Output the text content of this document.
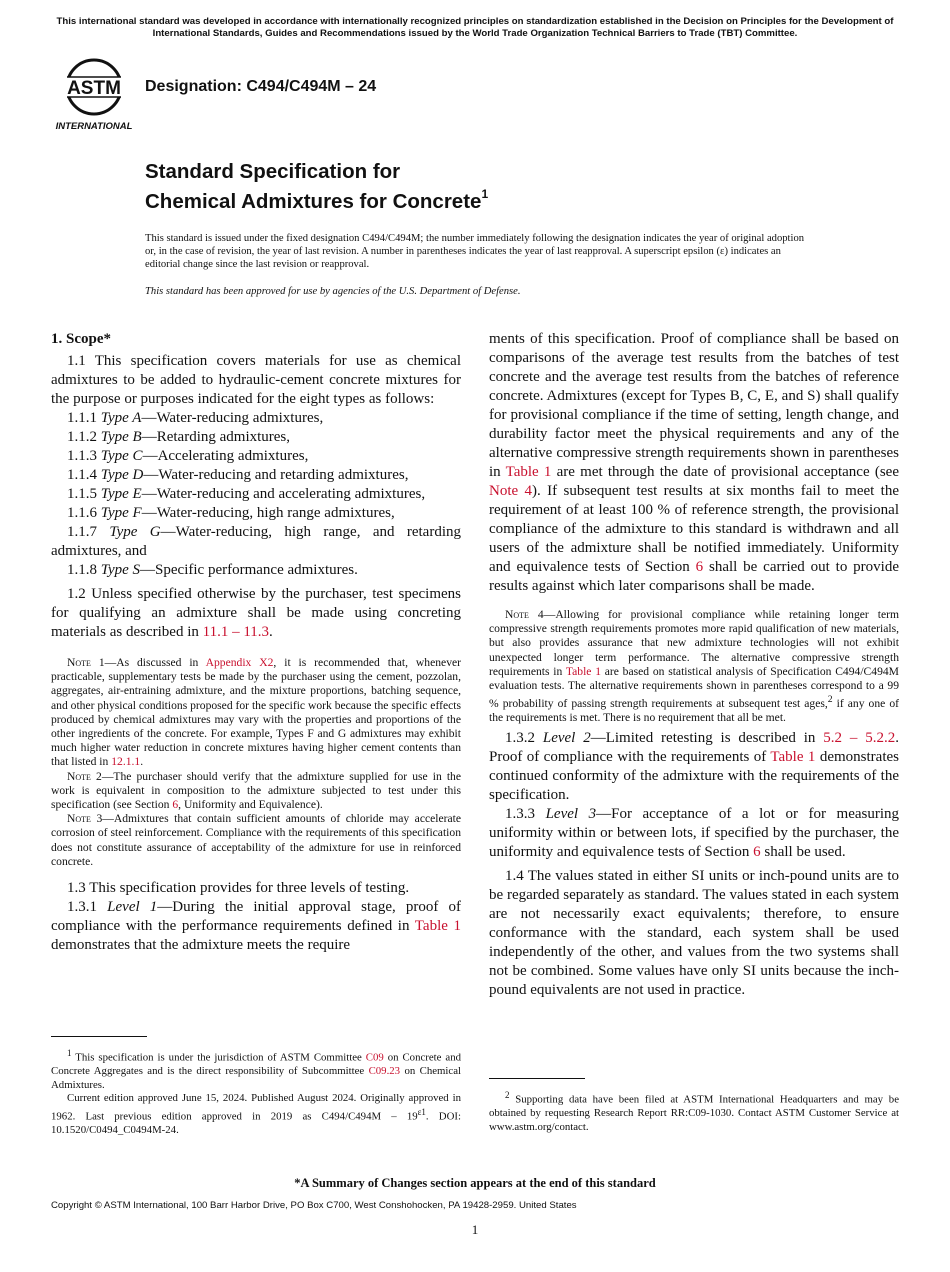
This international standard was developed in accordance with internationally recognized principles on standardization established in the Decision on Principles for the Development of International Standards, Guides and Recommendations issued by the World Trade Organization Technical Barriers to Trade (TBT) Committee.
ASTM
INTERNATIONAL
Designation: C494/C494M – 24
Standard Specification for
Chemical Admixtures for Concrete$^1$
This standard is issued under the fixed designation C494/C494M; the number immediately following the designation indicates the year of original adoption or, in the case of revision, the year of last revision. A number in parentheses indicates the year of last reapproval. A superscript epsilon (ε) indicates an editorial change since the last revision or reapproval.
This standard has been approved for use by agencies of the U.S. Department of Defense.
1. Scope*

1.1 This specification covers materials for use as chemical admixtures to be added to hydraulic-cement concrete mixtures for the purpose or purposes indicated for the eight types as follows:

1.1.1 Type A—Water-reducing admixtures,

1.1.2 Type B—Retarding admixtures,

1.1.3 Type C—Accelerating admixtures,

1.1.4 Type D—Water-reducing and retarding admixtures,

1.1.5 Type E—Water-reducing and accelerating admixtures,

1.1.6 Type F—Water-reducing, high range admixtures,

1.1.7 Type G—Water-reducing, high range, and retarding admixtures, and

1.1.8 Type S—Specific performance admixtures.

1.2 Unless specified otherwise by the purchaser, test specimens for qualifying an admixture shall be made using concreting materials as described in 11.1 – 11.3.

Note 1—As discussed in Appendix X2, it is recommended that, whenever practicable, supplementary tests be made by the purchaser using the cement, pozzolan, aggregates, air-entraining admixture, and the mixture proportions, batching sequence, and other physical conditions proposed for the specific work because the specific effects produced by chemical admixtures may vary with the properties and proportions of the other ingredients of the concrete. For example, Types F and G admixtures may exhibit much higher water reduction in concrete mixtures having higher cement contents than that listed in 12.1.1.

Note 2—The purchaser should verify that the admixture supplied for use in the work is equivalent in composition to the admixture subjected to test under this specification (see Section 6, Uniformity and Equivalence).

Note 3—Admixtures that contain sufficient amounts of chloride may accelerate corrosion of steel reinforcement. Compliance with the requirements of this specification does not constitute assurance of acceptability of the admixture for use in reinforced concrete.

1.3 This specification provides for three levels of testing.

1.3.1 Level 1—During the initial approval stage, proof of compliance with the performance requirements defined in Table 1 demonstrates that the admixture meets the require

$^1$ This specification is under the jurisdiction of ASTM Committee C09 on Concrete and Concrete Aggregates and is the direct responsibility of Subcommittee C09.23 on Chemical Admixtures.

Current edition approved June 15, 2024. Published August 2024. Originally approved in 1962. Last previous edition approved in 2019 as $C494/C494M - 19^{\varepsilon 1}$. DOI: 10.1520/C0494_C0494M-24.

ments of this specification. Proof of compliance shall be based on comparisons of the average test results from the batches of test concrete and the average test results from the batches of reference concrete. Admixtures (except for Types B, C, E, and S) shall qualify for provisional compliance if the time of setting, length change, and durability factor meet the physical requirements and any of the alternative compressive strength requirements shown in parentheses in Table 1 are met through the date of provisional acceptance (see Note 4). If subsequent test results at six months fail to meet the requirement of at least 100 % of reference strength, the provisional compliance of the admixture to this standard is withdrawn and all users of the admixture shall be notified immediately. Uniformity and equivalence tests of Section 6 shall be carried out to provide results against which later comparisons shall be made.

Note 4—Allowing for provisional compliance while retaining longer term compressive strength requirements promotes more rapid qualification of new materials, but also provides assurance that new admixture technologies will not exhibit unexpected longer term performance. The alternative compressive strength requirements in Table 1 are based on statistical analysis of Specification C494/C494M evaluation tests. The alternative requirements shown in parentheses correspond to a 99 % probability of passing strength requirements at subsequent test ages,$^2$ if any one of the requirements is met. There is no requirement that all be met.

1.3.2 Level 2—Limited retesting is described in 5.2 – 5.2.2. Proof of compliance with the requirements of Table 1 demonstrates continued conformity of the admixture with the requirements of the specification.

1.3.3 Level 3—For acceptance of a lot or for measuring uniformity within or between lots, if specified by the purchaser, the uniformity and equivalence tests of Section 6 shall be used.

1.4 The values stated in either SI units or inch-pound units are to be regarded separately as standard. The values stated in each system are not necessarily exact equivalents; therefore, to ensure conformance with the standard, each system shall be used independently of the other, and values from the two systems shall not be combined. Some values have only SI units because the inch-pound equivalents are not used in practice.

$^2$ Supporting data have been filed at ASTM International Headquarters and may be obtained by requesting Research Report RR:C09-1030. Contact ASTM Customer Service at www.astm.org/contact.

*A Summary of Changes section appears at the end of this standard
Copyright © ASTM International, 100 Barr Harbor Drive, PO Box C700, West Conshohocken, PA 19428-2959. United States
1
